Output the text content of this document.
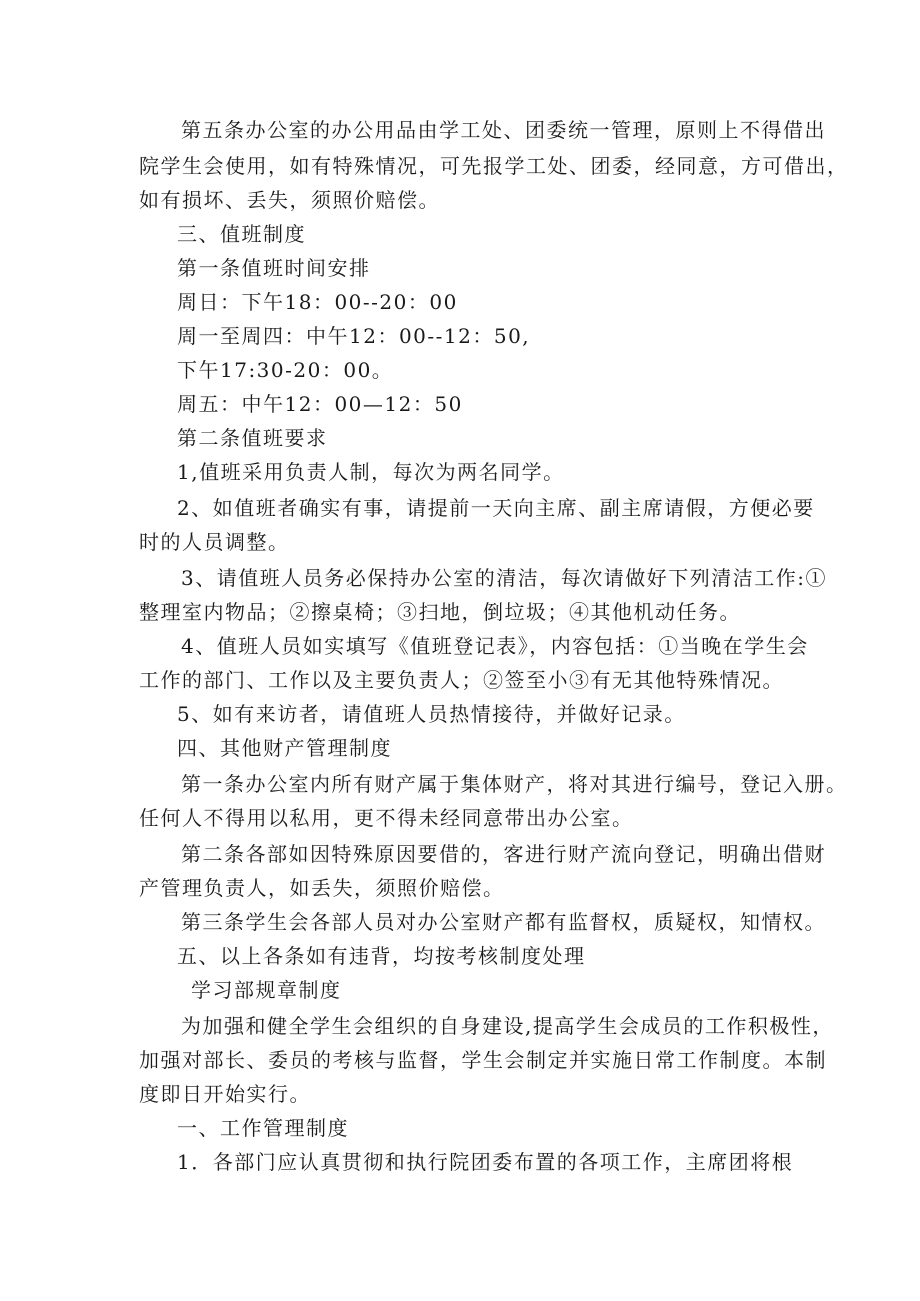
第五条办公室的办公用品由学工处、团委统一管理，原则上不得借出
院学生会使用，如有特殊情况，可先报学工处、团委，经同意，方可借出，
如有损坏、丢失，须照价赔偿。
三、值班制度
第一条值班时间安排
周日：下午18：00--20：00
周一至周四：中午12：00--12：50,
下午17:30-20：00。
周五：中午12：00—12：50
第二条值班要求
1,值班采用负责人制，每次为两名同学。
2、如值班者确实有事，请提前一天向主席、副主席请假，方便必要
时的人员调整。
3、请值班人员务必保持办公室的清洁，每次请做好下列清洁工作:①
整理室内物品；②擦桌椅；③扫地，倒垃圾；④其他机动任务。
4、值班人员如实填写《值班登记表》，内容包括：①当晚在学生会
工作的部门、工作以及主要负责人；②签至小③有无其他特殊情况。
5、如有来访者，请值班人员热情接待，并做好记录。
四、其他财产管理制度
第一条办公室内所有财产属于集体财产，将对其进行编号，登记入册。
任何人不得用以私用，更不得未经同意带出办公室。
第二条各部如因特殊原因要借的，客进行财产流向登记，明确出借财
产管理负责人，如丢失，须照价赔偿。
第三条学生会各部人员对办公室财产都有监督权，质疑权，知情权。
五、以上各条如有违背，均按考核制度处理
学习部规章制度
为加强和健全学生会组织的自身建设,提高学生会成员的工作积极性，
加强对部长、委员的考核与监督，学生会制定并实施日常工作制度。本制
度即日开始实行。
一、工作管理制度
1．各部门应认真贯彻和执行院团委布置的各项工作，主席团将根
